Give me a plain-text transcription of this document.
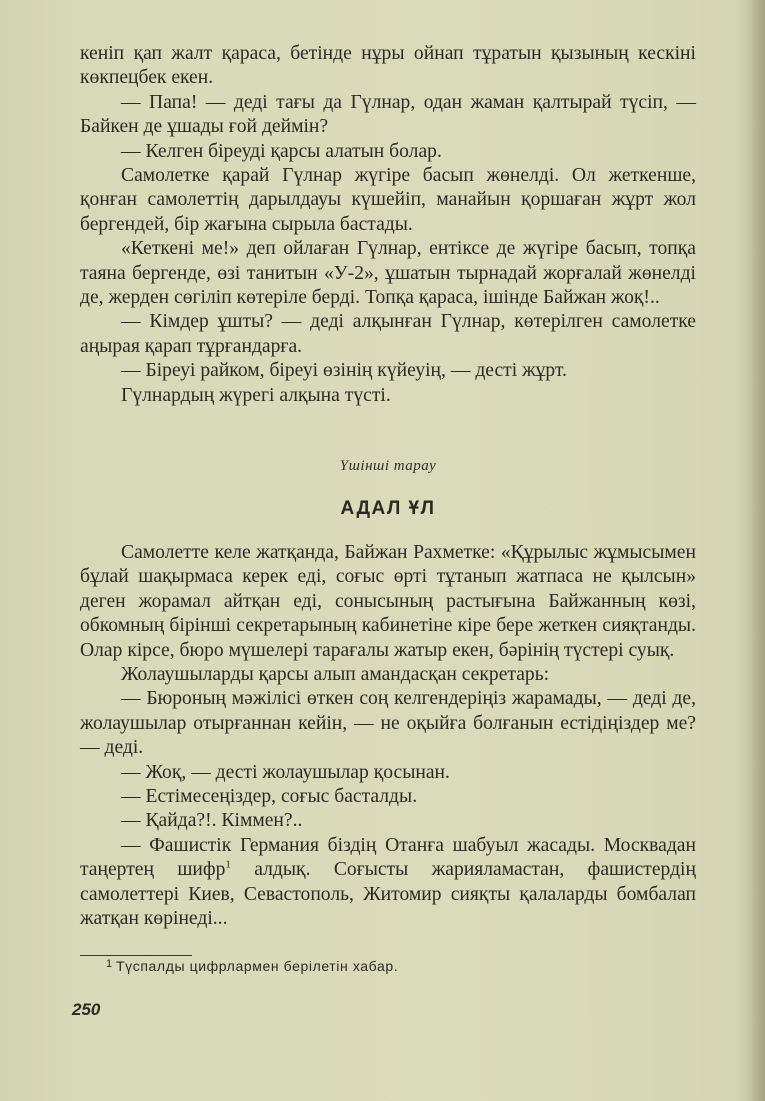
кенiп қап жалт қараса, бетiнде нұры ойнап тұратын қызының кескiнi көкпецбек екен.

— Папа! — дедi тағы да Гүлнар, одан жаман қалтырай түсiп, — Байкен де ұшады ғой деймiн?

— Келген бiреудi қарсы алатын болар.

Самолетке қарай Гүлнар жүгiре басып жөнелдi. Ол жеткенше, қонған самолеттiң дарылдауы күшейiп, манайын қоршаған жұрт жол бергендей, бiр жағына сырыла бастады.

«Кеткенi ме!» деп ойлаған Гүлнар, ентiксе де жүгiре басып, топқа таяна бергенде, өзi танитын «У-2», ұшатын тырнадай жорғалай жөнелдi де, жерден сөгiлiп көтерiле бердi. Топқа қараса, iшiнде Байжан жоқ!..

— Кiмдер ұшты? — дедi алқынған Гүлнар, көтерiлген самолетке аңырая қарап тұрғандарға.

— Бiреуi райком, бiреуi өзiнiң күйеуiң, — дестi жұрт.

Гүлнардың жүрегi алқына түстi.

Үшiншi тарау
АДАЛ ҰЛ

Самолетте келе жатқанда, Байжан Рахметке: «Құрылыс жұмысымен бұлай шақырмаса керек едi, соғыс өртi тұтанып жатпаса не қылсын» деген жорамал айтқан едi, сонысының растығына Байжанның көзi, обкомның бiрiншi секретарының кабинетiне кiре бере жеткен сияқтанды. Олар кiрсе, бюро мүшелерi тарағалы жатыр екен, бәрiнiң түстерi суық.

Жолаушыларды қарсы алып амандасқан секретарь:

— Бюроның мәжiлiсi өткен соң келгендерiңiз жарамады, — дедi де, жолаушылар отырғаннан кейiн, — не оқыйға болғанын естiдiңiздер ме? — дедi.

— Жоқ, — дестi жолаушылар қосынан.

— Естiмесеңiздер, соғыс басталды.

— Қайда?!. Кiммен?..

— Фашистiк Германия бiздiң Отанға шабуыл жасады. Москвадан таңертең шифр$^1$ алдық. Соғысты жарияламастан, фашистердiң самолеттерi Киев, Севастополь, Житомир сияқты қалаларды бомбалап жатқан көрiнедi...

1 Түспалды цифрлармен берiлетiн хабар.
250
